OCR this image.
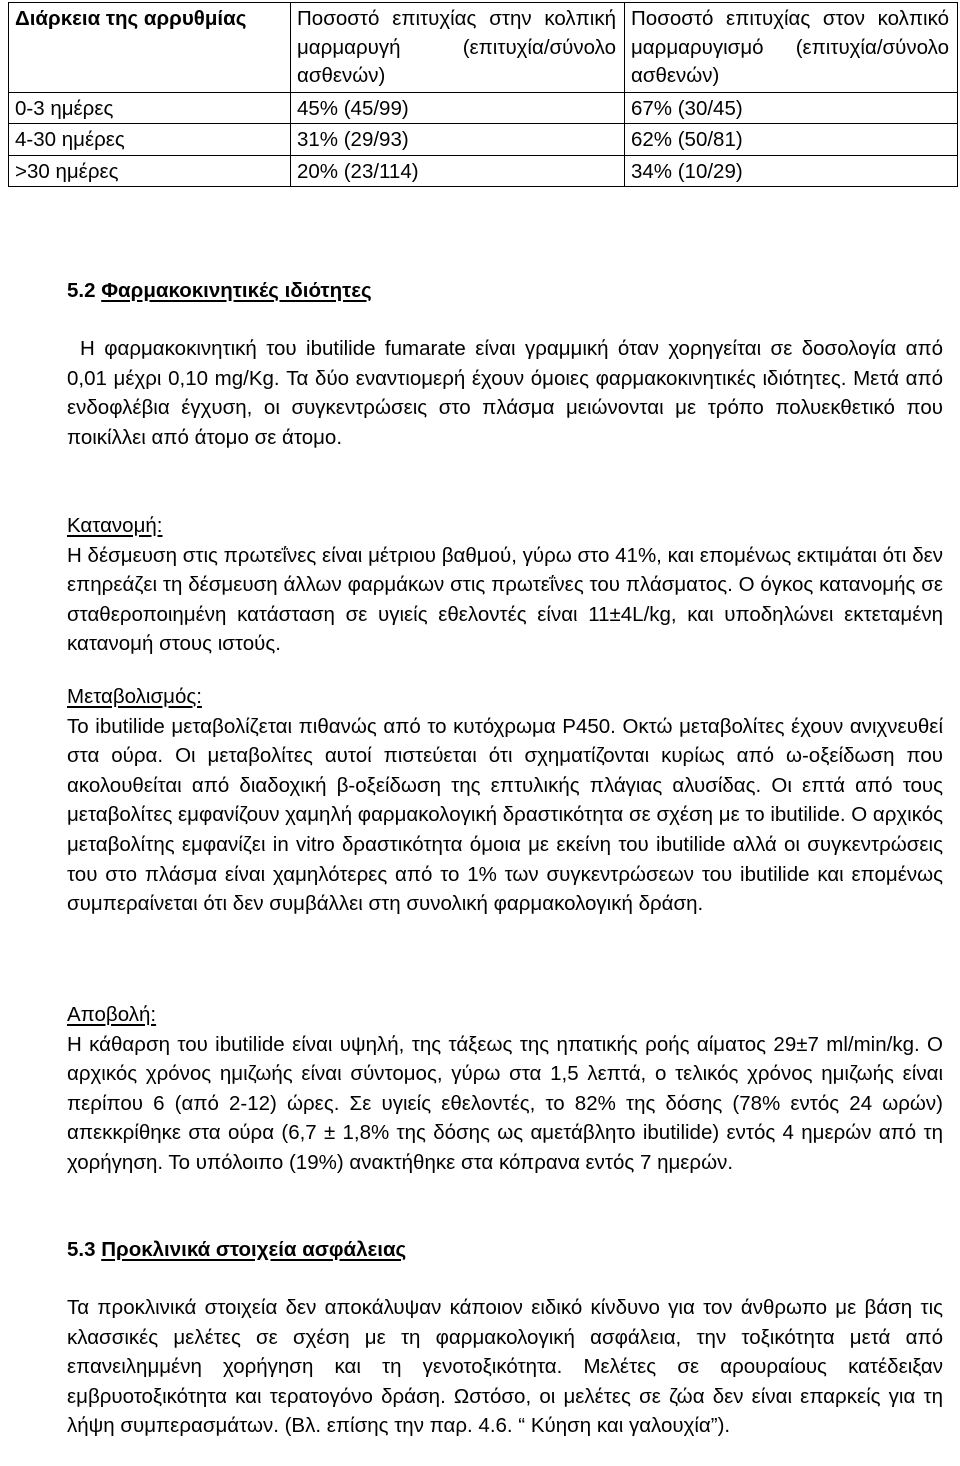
Διάρκεια της αρρυθμίας	Ποσοστό επιτυχίας στην κολπική μαρμαρυγή (επιτυχία/σύνολο ασθενών)	Ποσοστό επιτυχίας στον κολπικό μαρμαρυγισμό (επιτυχία/σύνολο ασθενών)
0-3 ημέρες	45% (45/99)	67% (30/45)
4-30 ημέρες	31% (29/93)	62% (50/81)
>30 ημέρες	20% (23/114)	34% (10/29)
5.2 Φαρμακοκινητικές ιδιότητες

Η φαρμακοκινητική του ibutilide fumarate είναι γραμμική όταν χορηγείται σε δοσολογία από 0,01 μέχρι 0,10 mg/Kg. Τα δύο εναντιομερή έχουν όμοιες φαρμακοκινητικές ιδιότητες. Μετά από ενδοφλέβια έγχυση, οι συγκεντρώσεις στο πλάσμα μειώνονται με τρόπο πολυεκθετικό που ποικίλλει από άτομο σε άτομο.

Κατανομή:

Η δέσμευση στις πρωτεΐνες είναι μέτριου βαθμού, γύρω στο 41%, και επομένως εκτιμάται ότι δεν επηρεάζει τη δέσμευση άλλων φαρμάκων στις πρωτεΐνες του πλάσματος. Ο όγκος κατανομής σε σταθεροποιημένη κατάσταση σε υγιείς εθελοντές είναι 11±4L/kg, και υποδηλώνει εκτεταμένη κατανομή στους ιστούς.

Μεταβολισμός:

Το ibutilide μεταβολίζεται πιθανώς από το κυτόχρωμα P450. Οκτώ μεταβολίτες έχουν ανιχνευθεί στα ούρα. Οι μεταβολίτες αυτοί πιστεύεται ότι σχηματίζονται κυρίως από ω-οξείδωση που ακολουθείται από διαδοχική β-οξείδωση της επτυλικής πλάγιας αλυσίδας. Οι επτά από τους μεταβολίτες εμφανίζουν χαμηλή φαρμακολογική δραστικότητα σε σχέση με το ibutilide. Ο αρχικός μεταβολίτης εμφανίζει in vitro δραστικότητα όμοια με εκείνη του ibutilide αλλά οι συγκεντρώσεις του στο πλάσμα είναι χαμηλότερες από το 1% των συγκεντρώσεων του ibutilide και επομένως συμπεραίνεται ότι δεν συμβάλλει στη συνολική φαρμακολογική δράση.

Αποβολή:

Η κάθαρση του ibutilide είναι υψηλή, της τάξεως της ηπατικής ροής αίματος 29±7 ml/min/kg. Ο αρχικός χρόνος ημιζωής είναι σύντομος, γύρω στα 1,5 λεπτά, ο τελικός χρόνος ημιζωής είναι περίπου 6 (από 2-12) ώρες. Σε υγιείς εθελοντές, το 82% της δόσης (78% εντός 24 ωρών) απεκκρίθηκε στα ούρα (6,7 ± 1,8% της δόσης ως αμετάβλητο ibutilide) εντός 4 ημερών από τη χορήγηση. Το υπόλοιπο (19%) ανακτήθηκε στα κόπρανα εντός 7 ημερών.

5.3 Προκλινικά στοιχεία ασφάλειας

Τα προκλινικά στοιχεία δεν αποκάλυψαν κάποιον ειδικό κίνδυνο για τον άνθρωπο με βάση τις κλασσικές μελέτες σε σχέση με τη φαρμακολογική ασφάλεια, την τοξικότητα μετά από επανειλημμένη χορήγηση και τη γενοτοξικότητα. Μελέτες σε αρουραίους κατέδειξαν εμβρυοτοξικότητα και τερατογόνο δράση. Ωστόσο, οι μελέτες σε ζώα δεν είναι επαρκείς για τη λήψη συμπερασμάτων. (Βλ. επίσης την παρ. 4.6. “ Κύηση και γαλουχία”).
